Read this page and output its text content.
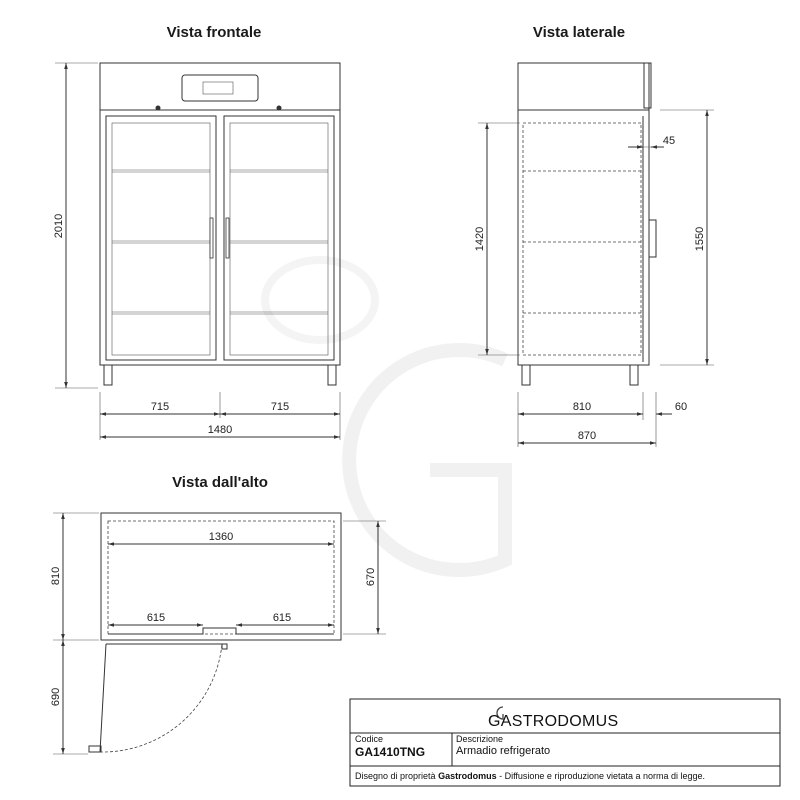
Vista frontale
2010
715	715
1480
Vista laterale
45
1420	1550
810	60
870
Vista dall'alto
1360
615	615
810
690
670
GASTRODOMUS
Codice
GA1410TNG
Descrizione
Armadio refrigerato
Disegno di proprietà Gastrodomus - Diffusione e riproduzione vietata a norma di legge.
